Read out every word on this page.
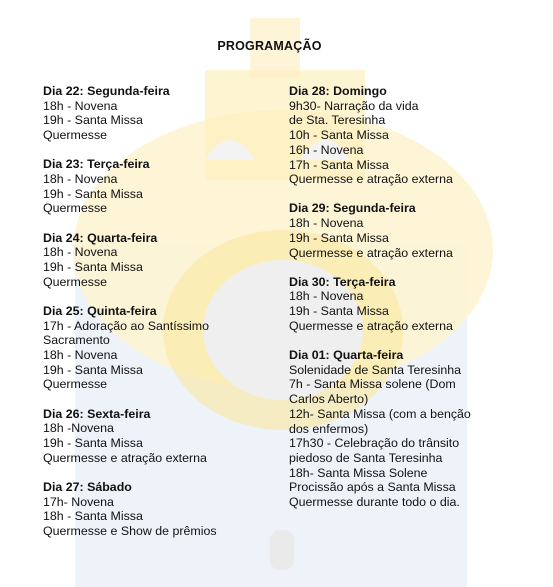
PROGRAMAÇÃO
Dia 22: Segunda-feira
18h - Novena
19h - Santa Missa
Quermesse
Dia 23: Terça-feira
18h - Novena
19h - Santa Missa
Quermesse
Dia 24: Quarta-feira
18h - Novena
19h - Santa Missa
Quermesse
Dia 25: Quinta-feira
17h - Adoração ao Santíssimo
Sacramento
18h - Novena
19h - Santa Missa
Quermesse
Dia 26: Sexta-feira
18h -Novena
19h - Santa Missa
Quermesse e atração externa
Dia 27: Sábado
17h- Novena
18h - Santa Missa
Quermesse e Show de prêmios
Dia 28: Domingo
9h30- Narração da vida
de Sta. Teresinha
10h - Santa Missa
16h - Novena
17h - Santa Missa
Quermesse e atração externa
Dia 29: Segunda-feira
18h - Novena
19h - Santa Missa
Quermesse e atração externa
Dia 30: Terça-feira
18h - Novena
19h - Santa Missa
Quermesse e atração externa
Dia 01: Quarta-feira
Solenidade de Santa Teresinha
7h - Santa Missa solene (Dom
Carlos Aberto)
12h- Santa Missa (com a benção
dos enfermos)
17h30 - Celebração do trânsito
piedoso de Santa Teresinha
18h- Santa Missa Solene
Procissão após a Santa Missa
Quermesse durante todo o dia.
